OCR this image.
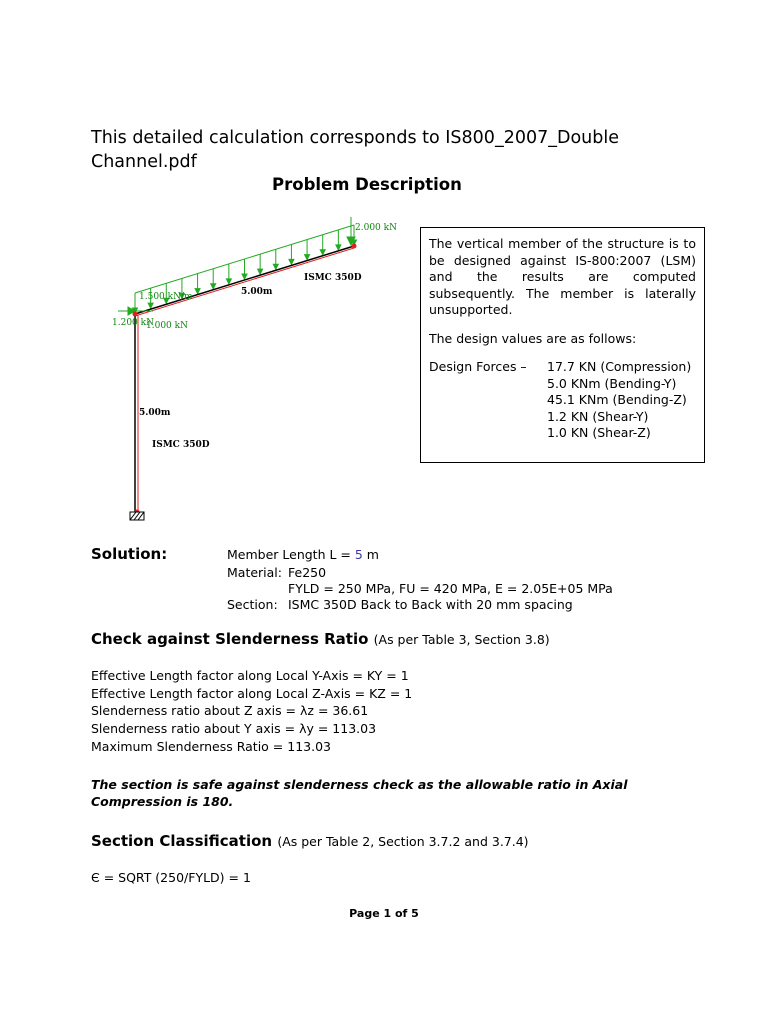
This detailed calculation corresponds to IS800_2007_Double Channel.pdf
Problem Description
2.000 kN
ISMC 350D
5.00m
1.500 kN/m
1.200 kN
1.000 kN
5.00m
ISMC 350D

The vertical member of the structure is to be designed against IS-800:2007 (LSM) and the results are computed subsequently. The member is laterally unsupported.

The design values are as follows:

Design Forces –	17.7 KN (Compression)
5.0 KNm (Bending-Y)
45.1 KNm (Bending-Z)
1.2 KN (Shear-Y)
1.0 KN (Shear-Z)
Solution:	Member Length L = 5 m
Material: Fe250
FYLD = 250 MPa, FU = 420 MPa, E = 2.05E+05 MPa
Section: ISMC 350D Back to Back with 20 mm spacing
Check against Slenderness Ratio (As per Table 3, Section 3.8)
Effective Length factor along Local Y-Axis = KY = 1
Effective Length factor along Local Z-Axis = KZ = 1
Slenderness ratio about Z axis = λz = 36.61
Slenderness ratio about Y axis = λy = 113.03
Maximum Slenderness Ratio = 113.03
The section is safe against slenderness check as the allowable ratio in Axial Compression is 180.
Section Classification (As per Table 2, Section 3.7.2 and 3.7.4)
Є = SQRT (250/FYLD) = 1
Page 1 of 5
